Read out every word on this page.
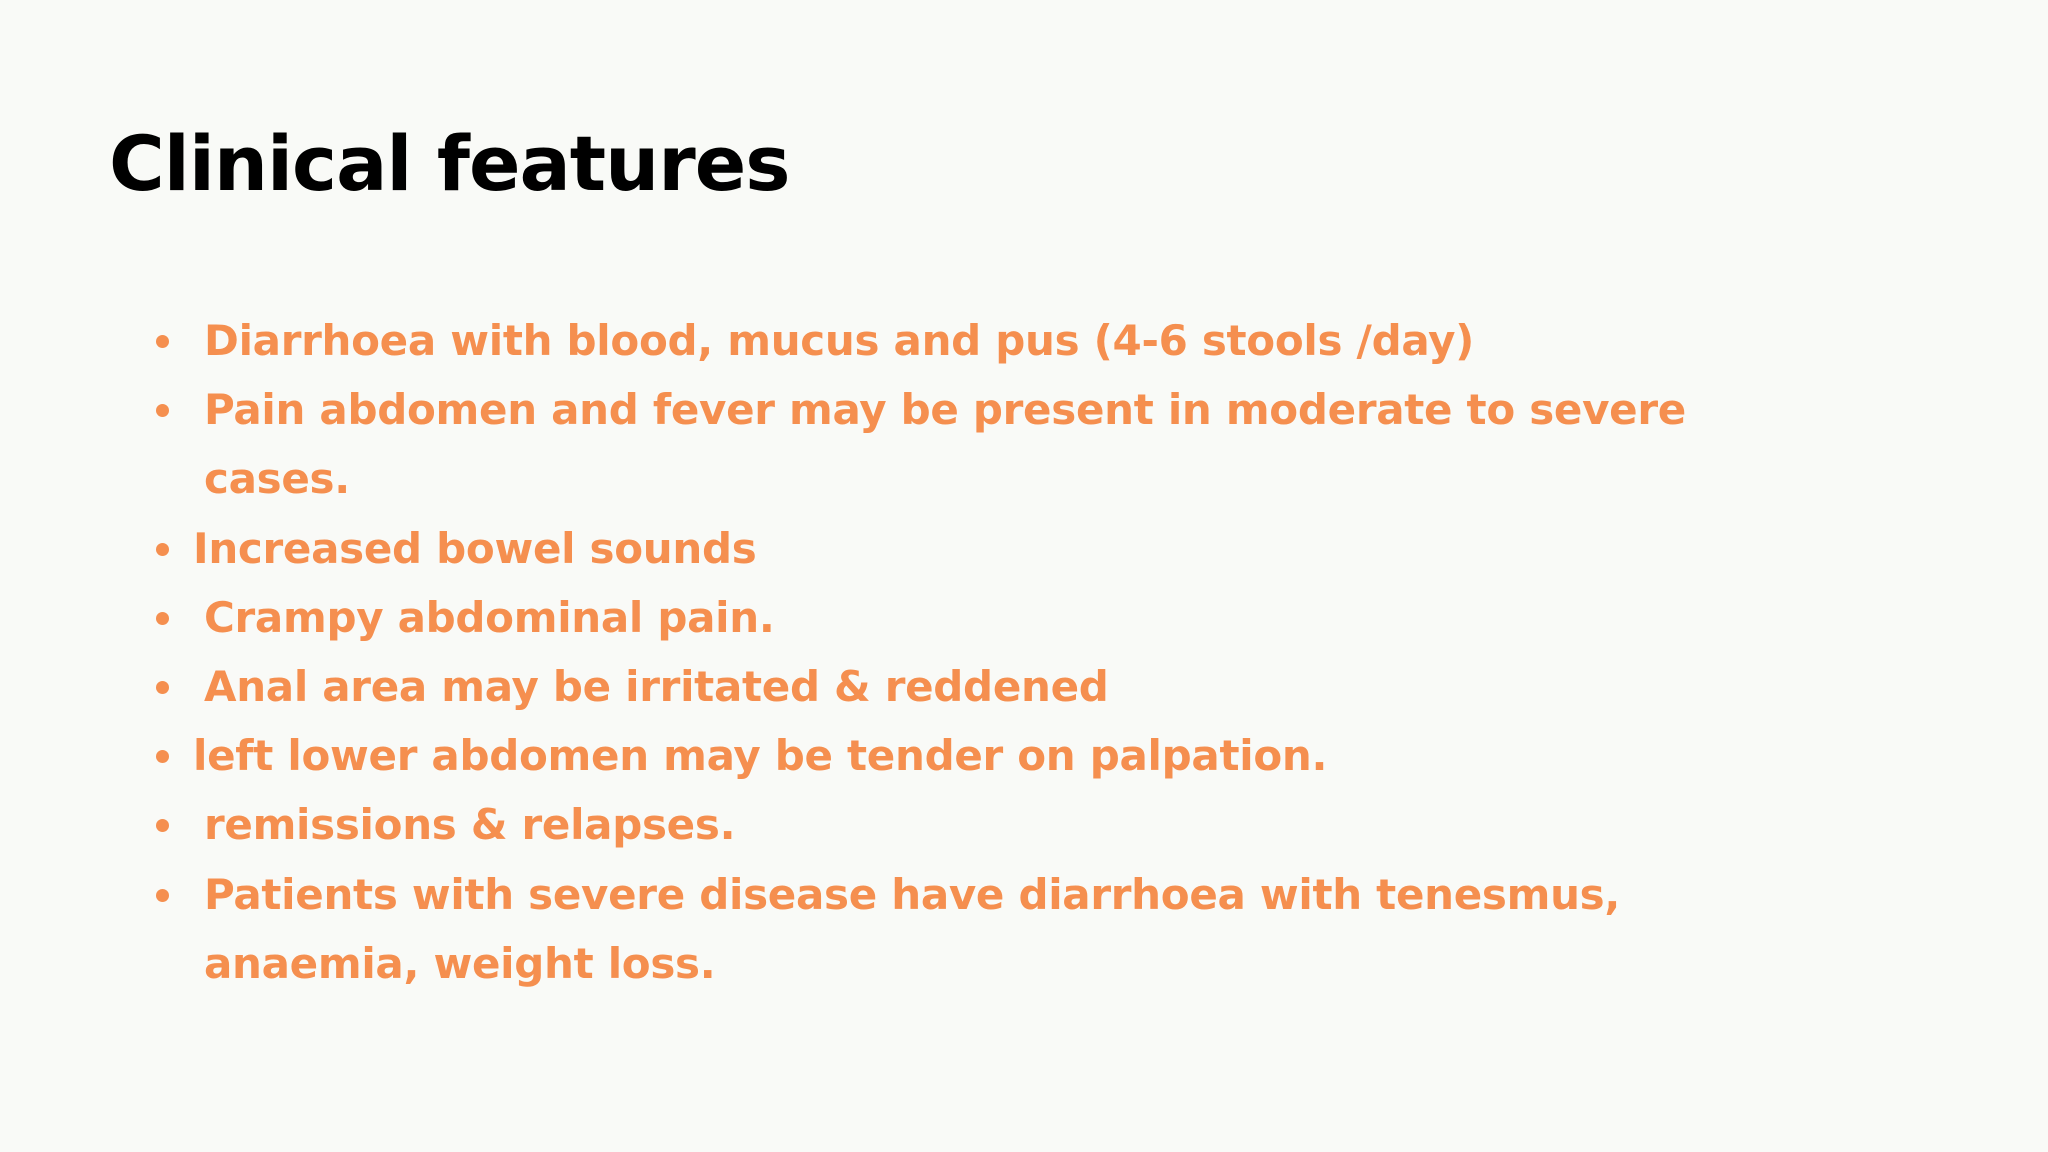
Clinical features
Diarrhoea with blood, mucus and pus (4-6 stools /day)
Pain abdomen and fever may be present in moderate to severe cases.
Increased bowel sounds
Crampy abdominal pain.
Anal area may be irritated & reddened
left lower abdomen may be tender on palpation.
remissions & relapses.
Patients with severe disease have diarrhoea with tenesmus, anaemia, weight loss.
